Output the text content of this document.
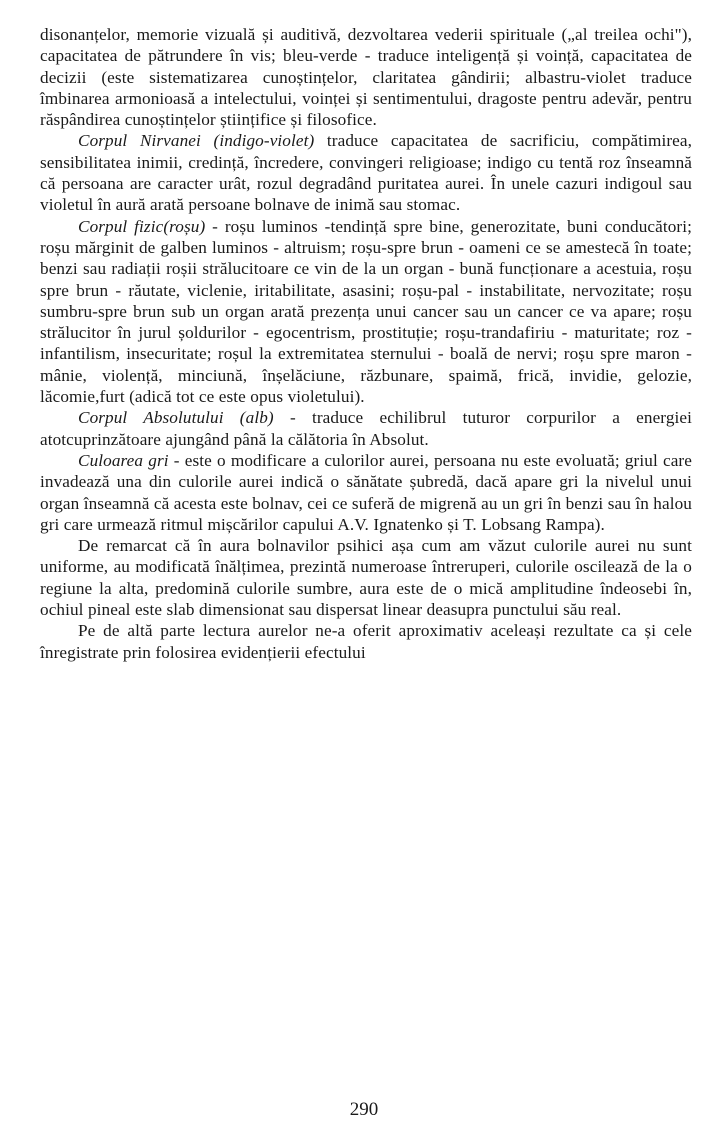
disonanțelor, memorie vizuală și auditivă, dezvoltarea vederii spirituale („al treilea ochi"), capacitatea de pătrundere în vis; bleu-verde - traduce inteligență și voință, capacitatea de decizii (este sistematizarea cunoștințelor, claritatea gândirii; albastru-violet traduce îmbinarea armonioasă a intelectului, voinței și sentimentului, dragoste pentru adevăr, pentru răspândirea cunoștințelor științifice și filosofice.

Corpul Nirvanei (indigo-violet) traduce capacitatea de sacrificiu, compătimirea, sensibilitatea inimii, credință, încredere, convingeri religioase; indigo cu tentă roz înseamnă că persoana are caracter urât, rozul degradând puritatea aurei. În unele cazuri indigoul sau violetul în aură arată persoane bolnave de inimă sau stomac.

Corpul fizic(roșu) - roșu luminos -tendință spre bine, generozitate, buni conducători; roșu mărginit de galben luminos - altruism; roșu-spre brun - oameni ce se amestecă în toate; benzi sau radiații roșii strălucitoare ce vin de la un organ - bună funcționare a acestuia, roșu spre brun - răutate, viclenie, iritabilitate, asasini; roșu-pal - instabilitate, nervozitate; roșu sumbru-spre brun sub un organ arată prezența unui cancer sau un cancer ce va apare; roșu strălucitor în jurul șoldurilor - egocentrism, prostituție; roșu-trandafiriu - maturitate; roz - infantilism, insecuritate; roșul la extremitatea sternului - boală de nervi; roșu spre maron - mânie, violență, minciună, înșelăciune, răzbunare, spaimă, frică, invidie, gelozie, lăcomie,furt (adică tot ce este opus violetului).

Corpul Absolutului (alb) - traduce echilibrul tuturor corpurilor a energiei atotcuprinzătoare ajungând până la călătoria în Absolut.

Culoarea gri - este o modificare a culorilor aurei, persoana nu este evoluată; griul care invadează una din culorile aurei indică o sănătate șubredă, dacă apare gri la nivelul unui organ înseamnă că acesta este bolnav, cei ce suferă de migrenă au un gri în benzi sau în halou gri care urmează ritmul mișcărilor capului A.V. Ignatenko și T. Lobsang Rampa).

De remarcat că în aura bolnavilor psihici așa cum am văzut culorile aurei nu sunt uniforme, au modificată înălțimea, prezintă numeroase întreruperi, culorile oscilează de la o regiune la alta, predomină culorile sumbre, aura este de o mică amplitudine îndeosebi în, ochiul pineal este slab dimensionat sau dispersat linear deasupra punctului său real.

Pe de altă parte lectura aurelor ne-a oferit aproximativ aceleași rezultate ca și cele înregistrate prin folosirea evidențierii efectului

290
